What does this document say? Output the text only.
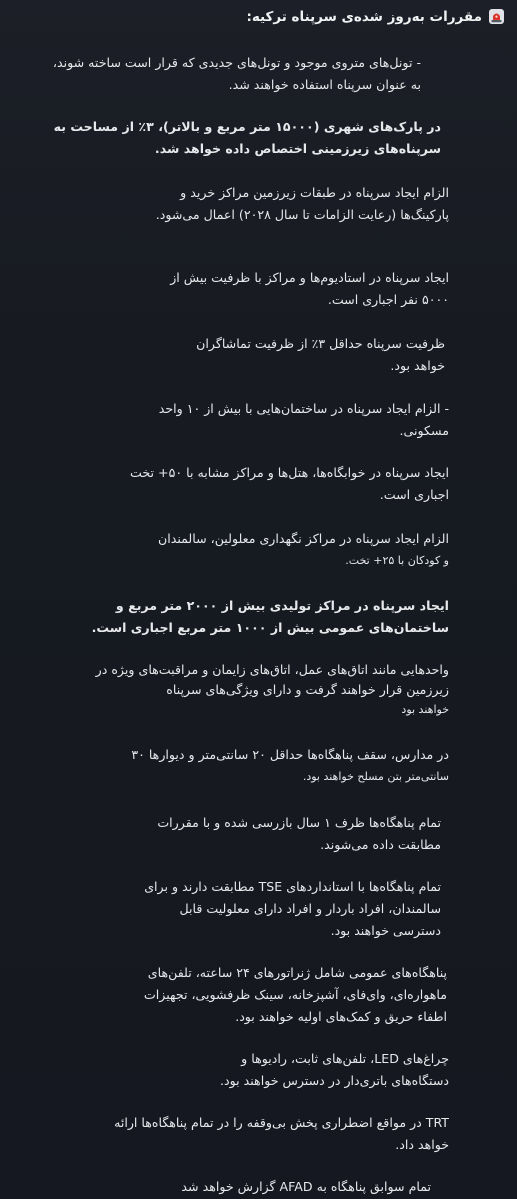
مقررات به‌روز شده‌ی سرپناه ترکیه:
- تونل‌های متروی موجود و تونل‌های جدیدی که قرار است ساخته شوند،
به عنوان سرپناه استفاده خواهند شد.
در پارک‌های شهری (۱۵۰۰۰ متر مربع و بالاتر)، ۳٪ از مساحت به
سرپناه‌های زیرزمینی اختصاص داده خواهد شد.
الزام ایجاد سرپناه در طبقات زیرزمین مراکز خرید و
پارکینگ‌ها (رعایت الزامات تا سال ۲۰۲۸) اعمال می‌شود.
ایجاد سرپناه در استادیوم‌ها و مراکز با ظرفیت بیش از
۵۰۰۰ نفر اجباری است.
ظرفیت سرپناه حداقل ۳٪ از ظرفیت تماشاگران
خواهد بود.
- الزام ایجاد سرپناه در ساختمان‌هایی با بیش از ۱۰ واحد
مسکونی.
ایجاد سرپناه در خوابگاه‌ها، هتل‌ها و مراکز مشابه با ۵۰+ تخت
اجباری است.
الزام ایجاد سرپناه در مراکز نگهداری معلولین، سالمندان
و کودکان با ۲۵+ تخت.
ایجاد سرپناه در مراکز تولیدی بیش از ۲۰۰۰ متر مربع و
ساختمان‌های عمومی بیش از ۱۰۰۰ متر مربع اجباری است.
واحدهایی مانند اتاق‌های عمل، اتاق‌های زایمان و مراقبت‌های ویژه در
زیرزمین قرار خواهند گرفت و دارای ویژگی‌های سرپناه
خواهند بود
در مدارس، سقف پناهگاه‌ها حداقل ۲۰ سانتی‌متر و دیوارها ۳۰
سانتی‌متر بتن مسلح خواهند بود.
تمام پناهگاه‌ها ظرف ۱ سال بازرسی شده و با مقررات
مطابقت داده می‌شوند.
تمام پناهگاه‌ها با استانداردهای TSE مطابقت دارند و برای
سالمندان، افراد باردار و افراد دارای معلولیت قابل
دسترسی خواهند بود.
پناهگاه‌های عمومی شامل ژنراتورهای ۲۴ ساعته، تلفن‌های
ماهواره‌ای، وای‌فای، آشپزخانه، سینک ظرفشویی، تجهیزات
اطفاء حریق و کمک‌های اولیه خواهند بود.
چراغ‌های LED، تلفن‌های ثابت، رادیوها و
دستگاه‌های باتری‌دار در دسترس خواهند بود.
TRT در مواقع اضطراری پخش بی‌وقفه را در تمام پناهگاه‌ها ارائه
خواهد داد.
تمام سوابق پناهگاه به AFAD گزارش خواهد شد
